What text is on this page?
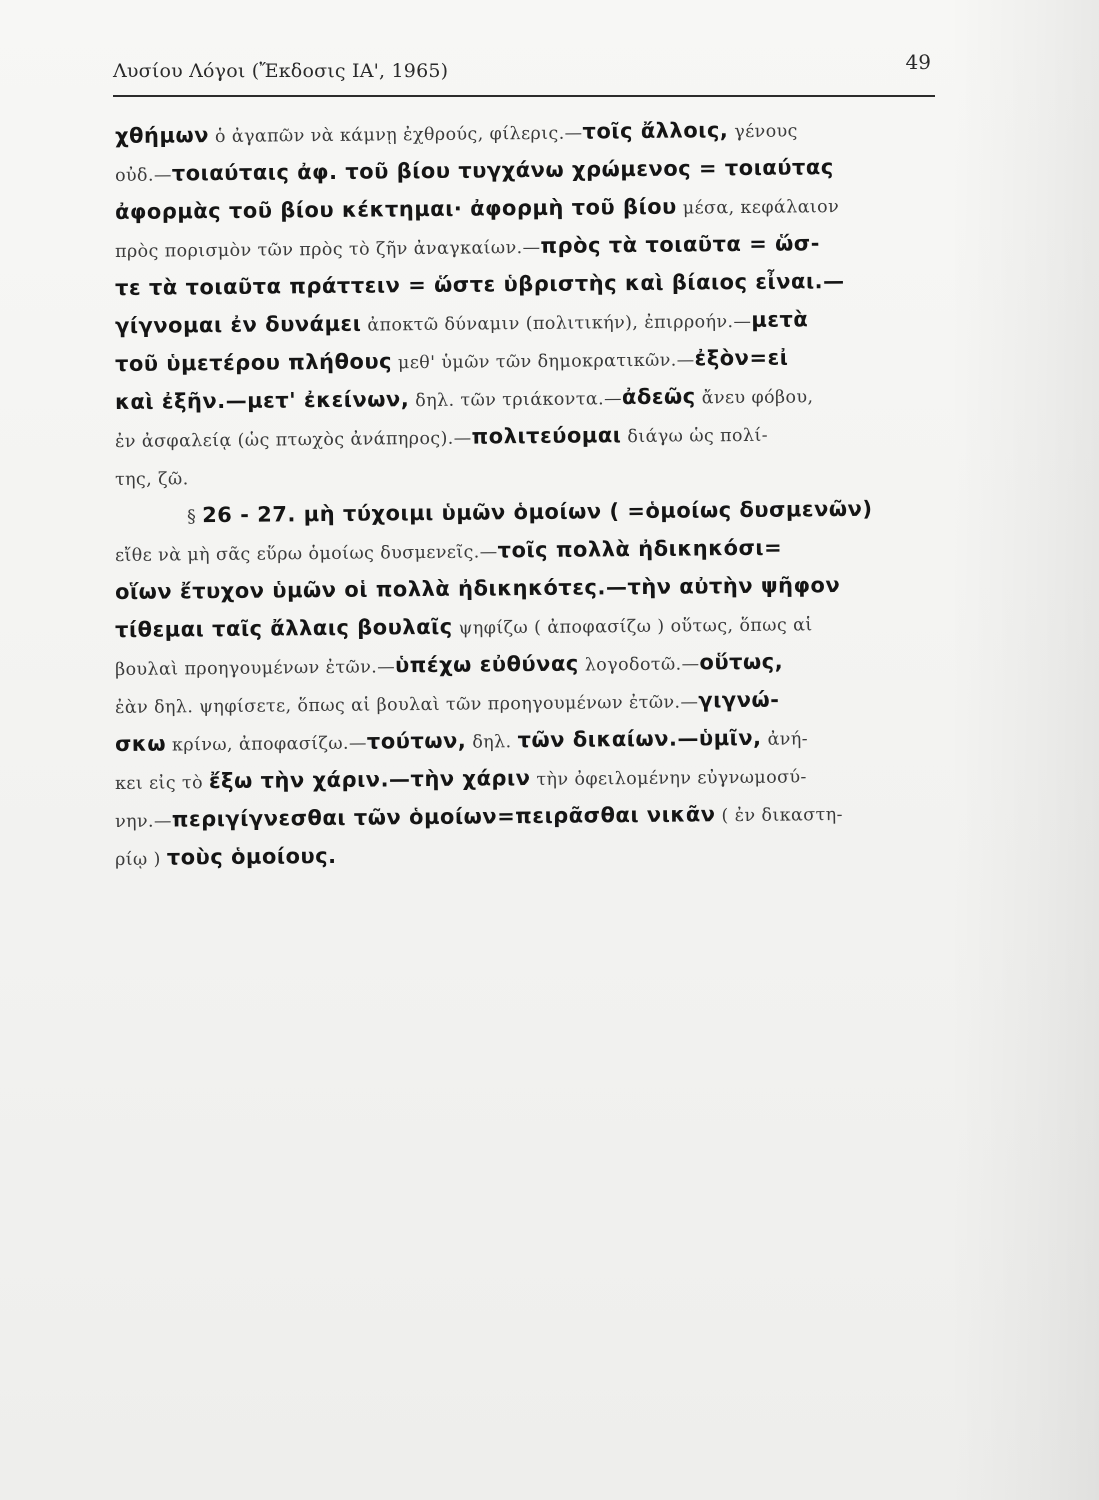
Λυσίου Λόγοι (Ἔκδοσις ΙΑ', 1965)	49
χθήμων ὁ ἀγαπῶν νὰ κάμνῃ ἐχθρούς, φίλερις.—τοῖς ἄλλοις, γένους
οὐδ.—τοιαύταις ἀφ. τοῦ βίου τυγχάνω χρώμενος = τοιαύτας
ἀφορμὰς τοῦ βίου κέκτημαι· ἀφορμὴ τοῦ βίου μέσα, κεφάλαιον
πρὸς πορισμὸν τῶν πρὸς τὸ ζῆν ἀναγκαίων.—πρὸς τὰ τοιαῦτα = ὥσ-
τε τὰ τοιαῦτα πράττειν = ὥστε ὑβριστὴς καὶ βίαιος εἶναι.—
γίγνομαι ἐν δυνάμει ἀποκτῶ δύναμιν (πολιτικήν), ἐπιρροήν.—μετὰ
τοῦ ὑμετέρου πλήθους μεθ' ὑμῶν τῶν δημοκρατικῶν.—ἐξὸν=εἰ
καὶ ἐξῆν.—μετ' ἐκείνων, δηλ. τῶν τριάκοντα.—ἀδεῶς ἄνευ φόβου,
ἐν ἀσφαλείᾳ (ὡς πτωχὸς ἀνάπηρος).—πολιτεύομαι διάγω ὡς πολί-
της, ζῶ.
§ 26 - 27. μὴ τύχοιμι ὑμῶν ὁμοίων ( =ὁμοίως δυσμενῶν)
εἴθε νὰ μὴ σᾶς εὕρω ὁμοίως δυσμενεῖς.—τοῖς πολλὰ ἠδικηκόσι=
οἵων ἔτυχον ὑμῶν οἱ πολλὰ ἠδικηκότες.—τὴν αὐτὴν ψῆφον
τίθεμαι ταῖς ἄλλαις βουλαῖς ψηφίζω ( ἀποφασίζω ) οὕτως, ὅπως αἱ
βουλαὶ προηγουμένων ἐτῶν.—ὑπέχω εὐθύνας λογοδοτῶ.—οὕτως,
ἐὰν δηλ. ψηφίσετε, ὅπως αἱ βουλαὶ τῶν προηγουμένων ἐτῶν.—γιγνώ-
σκω κρίνω, ἀποφασίζω.—τούτων, δηλ. τῶν δικαίων.—ὑμῖν, ἀνή-
κει εἰς τὸ ἔξω τὴν χάριν.—τὴν χάριν τὴν ὀφειλομένην εὐγνωμοσύ-
νην.—περιγίγνεσθαι τῶν ὁμοίων=πειρᾶσθαι νικᾶν ( ἐν δικαστη-
ρίῳ ) τοὺς ὁμοίους.
